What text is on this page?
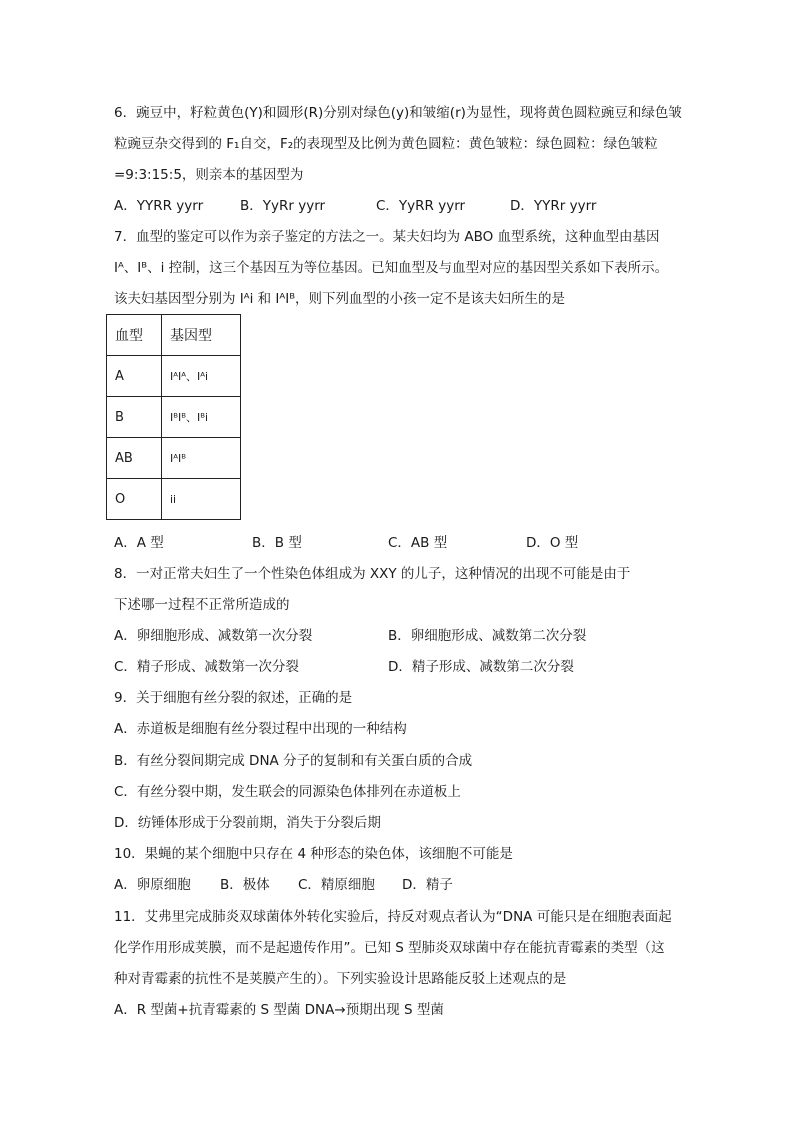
6．豌豆中，籽粒黄色(Y)和圆形(R)分别对绿色(y)和皱缩(r)为显性，现将黄色圆粒豌豆和绿色皱
粒豌豆杂交得到的 F₁自交，F₂的表现型及比例为黄色圆粒：黄色皱粒：绿色圆粒：绿色皱粒
=9:3:15:5，则亲本的基因型为
A．YYRR yyrr	B．YyRr yyrr	C．YyRR yyrr	D．YYRr yyrr
7．血型的鉴定可以作为亲子鉴定的方法之一。某夫妇均为 ABO 血型系统，这种血型由基因
Iᴬ、Iᴮ、i 控制，这三个基因互为等位基因。已知血型及与血型对应的基因型关系如下表所示。
该夫妇基因型分别为 Iᴬi 和 IᴬIᴮ，则下列血型的小孩一定不是该夫妇所生的是
血型	基因型
A	IᴬIᴬ、Iᴬi
B	IᴮIᴮ、Iᴮi
AB	IᴬIᴮ
O	ii
A．A 型	B．B 型	C．AB 型	D．O 型
8．一对正常夫妇生了一个性染色体组成为 XXY 的儿子，这种情况的出现不可能是由于
下述哪一过程不正常所造成的
A．卵细胞形成、减数第一次分裂	B．卵细胞形成、减数第二次分裂
C．精子形成、减数第一次分裂	D．精子形成、减数第二次分裂
9．关于细胞有丝分裂的叙述，正确的是
A．赤道板是细胞有丝分裂过程中出现的一种结构
B．有丝分裂间期完成 DNA 分子的复制和有关蛋白质的合成
C．有丝分裂中期，发生联会的同源染色体排列在赤道板上
D．纺锤体形成于分裂前期，消失于分裂后期
10．果蝇的某个细胞中只存在 4 种形态的染色体，该细胞不可能是
A．卵原细胞 B．极体 C．精原细胞 D．精子
11．艾弗里完成肺炎双球菌体外转化实验后，持反对观点者认为“DNA 可能只是在细胞表面起
化学作用形成荚膜，而不是起遗传作用”。已知 S 型肺炎双球菌中存在能抗青霉素的类型（这
种对青霉素的抗性不是荚膜产生的）。下列实验设计思路能反驳上述观点的是
A．R 型菌+抗青霉素的 S 型菌 DNA→预期出现 S 型菌
